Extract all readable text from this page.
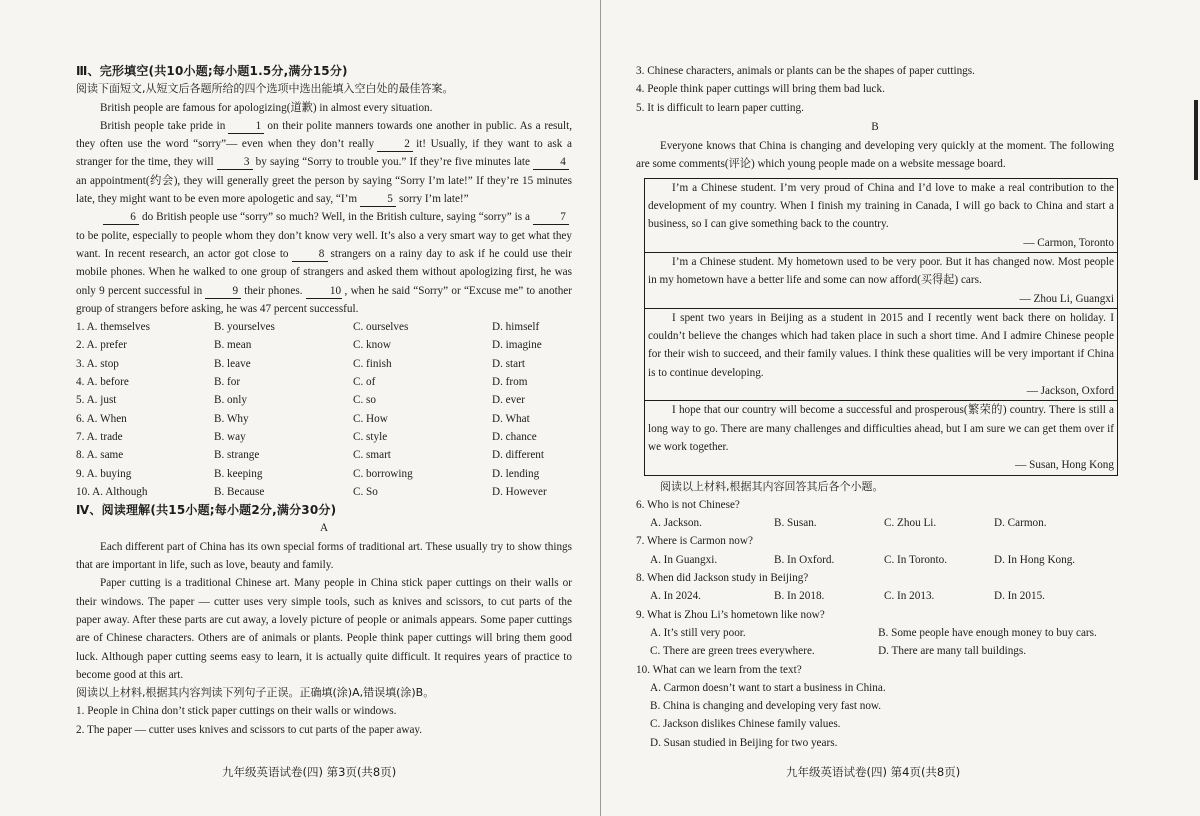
Ⅲ、完形填空(共10小题;每小题1.5分,满分15分)

阅读下面短文,从短文后各题所给的四个选项中选出能填入空白处的最佳答案。

British people are famous for apologizing(道歉) in almost every situation.

British people take pride in	1 on their polite manners towards one another in public. As a result, they often use the word “sorry”— even when they don’t really	2 it! Usually, if they want to ask a stranger for the time, they will	3 by saying “Sorry to trouble you.” If they’re five minutes late	4an appointment(约会), they will generally greet the person by saying “Sorry I’m late!” If they’re 15 minutes late, they might want to be even more apologetic and say, “I’m	5 sorry I’m late!”

6 do British people use “sorry” so much? Well, in the British culture, saying “sorry” is a	7to be polite, especially to people whom they don’t know very well. It’s also a very smart way to get what they want. In recent research, an actor got close to	8 strangers on a rainy day to ask if he could use their mobile phones. When he walked to one group of strangers and asked them without apologizing first, he was only 9 percent successful in	9 their phones. 10 , when he said “Sorry” or “Excuse me” to another group of strangers before asking, he was 47 percent successful.

1. A. themselves	B. yourselves	C. ourselves	D. himself
2. A. prefer	B. mean	C. know	D. imagine
3. A. stop	B. leave	C. finish	D. start
4. A. before	B. for	C. of	D. from
5. A. just	B. only	C. so	D. ever
6. A. When	B. Why	C. How	D. What
7. A. trade	B. way	C. style	D. chance
8. A. same	B. strange	C. smart	D. different
9. A. buying	B. keeping	C. borrowing	D. lending
10. A. Although	B. Because	C. So	D. However

Ⅳ、阅读理解(共15小题;每小题2分,满分30分)

A

Each different part of China has its own special forms of traditional art. These usually try to show things that are important in life, such as love, beauty and family.

Paper cutting is a traditional Chinese art. Many people in China stick paper cuttings on their walls or their windows. The paper — cutter uses very simple tools, such as knives and scissors, to cut parts of the paper away. After these parts are cut away, a lovely picture of people or animals appears. Some paper cuttings are of Chinese characters. Others are of animals or plants. People think paper cuttings will bring them good luck. Although paper cutting seems easy to learn, it is actually quite difficult. It requires years of practice to become good at this art.

阅读以上材料,根据其内容判读下列句子正误。正确填(涂)A,错误填(涂)B。

1. People in China don’t stick paper cuttings on their walls or windows.

2. The paper — cutter uses knives and scissors to cut parts of the paper away.

九年级英语试卷(四) 第3页(共8页)

3. Chinese characters, animals or plants can be the shapes of paper cuttings.

4. People think paper cuttings will bring them bad luck.

5. It is difficult to learn paper cutting.

B

Everyone knows that China is changing and developing very quickly at the moment. The following are some comments(评论) which young people made on a website message board.

I’m a Chinese student. I’m very proud of China and I’d love to make a real contribution to the development of my country. When I finish my training in Canada, I will go back to China and start a business, so I can give something back to the country.

— Carmon, Toronto

I’m a Chinese student. My hometown used to be very poor. But it has changed now. Most people in my hometown have a better life and some can now afford(买得起) cars.

— Zhou Li, Guangxi

I spent two years in Beijing as a student in 2015 and I recently went back there on holiday. I couldn’t believe the changes which had taken place in such a short time. And I admire Chinese people for their wish to succeed, and their family values. I think these qualities will be very important if China is to continue developing.

— Jackson, Oxford

I hope that our country will become a successful and prosperous(繁荣的) country. There is still a long way to go. There are many challenges and difficulties ahead, but I am sure we can get them over if we work together.

— Susan, Hong Kong

阅读以上材料,根据其内容回答其后各个小题。

6. Who is not Chinese?

A. Jackson.	B. Susan.	C. Zhou Li.	D. Carmon.

7. Where is Carmon now?

A. In Guangxi.	B. In Oxford.	C. In Toronto.	D. In Hong Kong.

8. When did Jackson study in Beijing?

A. In 2024.	B. In 2018.	C. In 2013.	D. In 2015.

9. What is Zhou Li’s hometown like now?

A. It’s still very poor.	B. Some people have enough money to buy cars.
C. There are green trees everywhere.	D. There are many tall buildings.

10. What can we learn from the text?

A. Carmon doesn’t want to start a business in China.
B. China is changing and developing very fast now.
C. Jackson dislikes Chinese family values.
D. Susan studied in Beijing for two years.
九年级英语试卷(四) 第4页(共8页)
